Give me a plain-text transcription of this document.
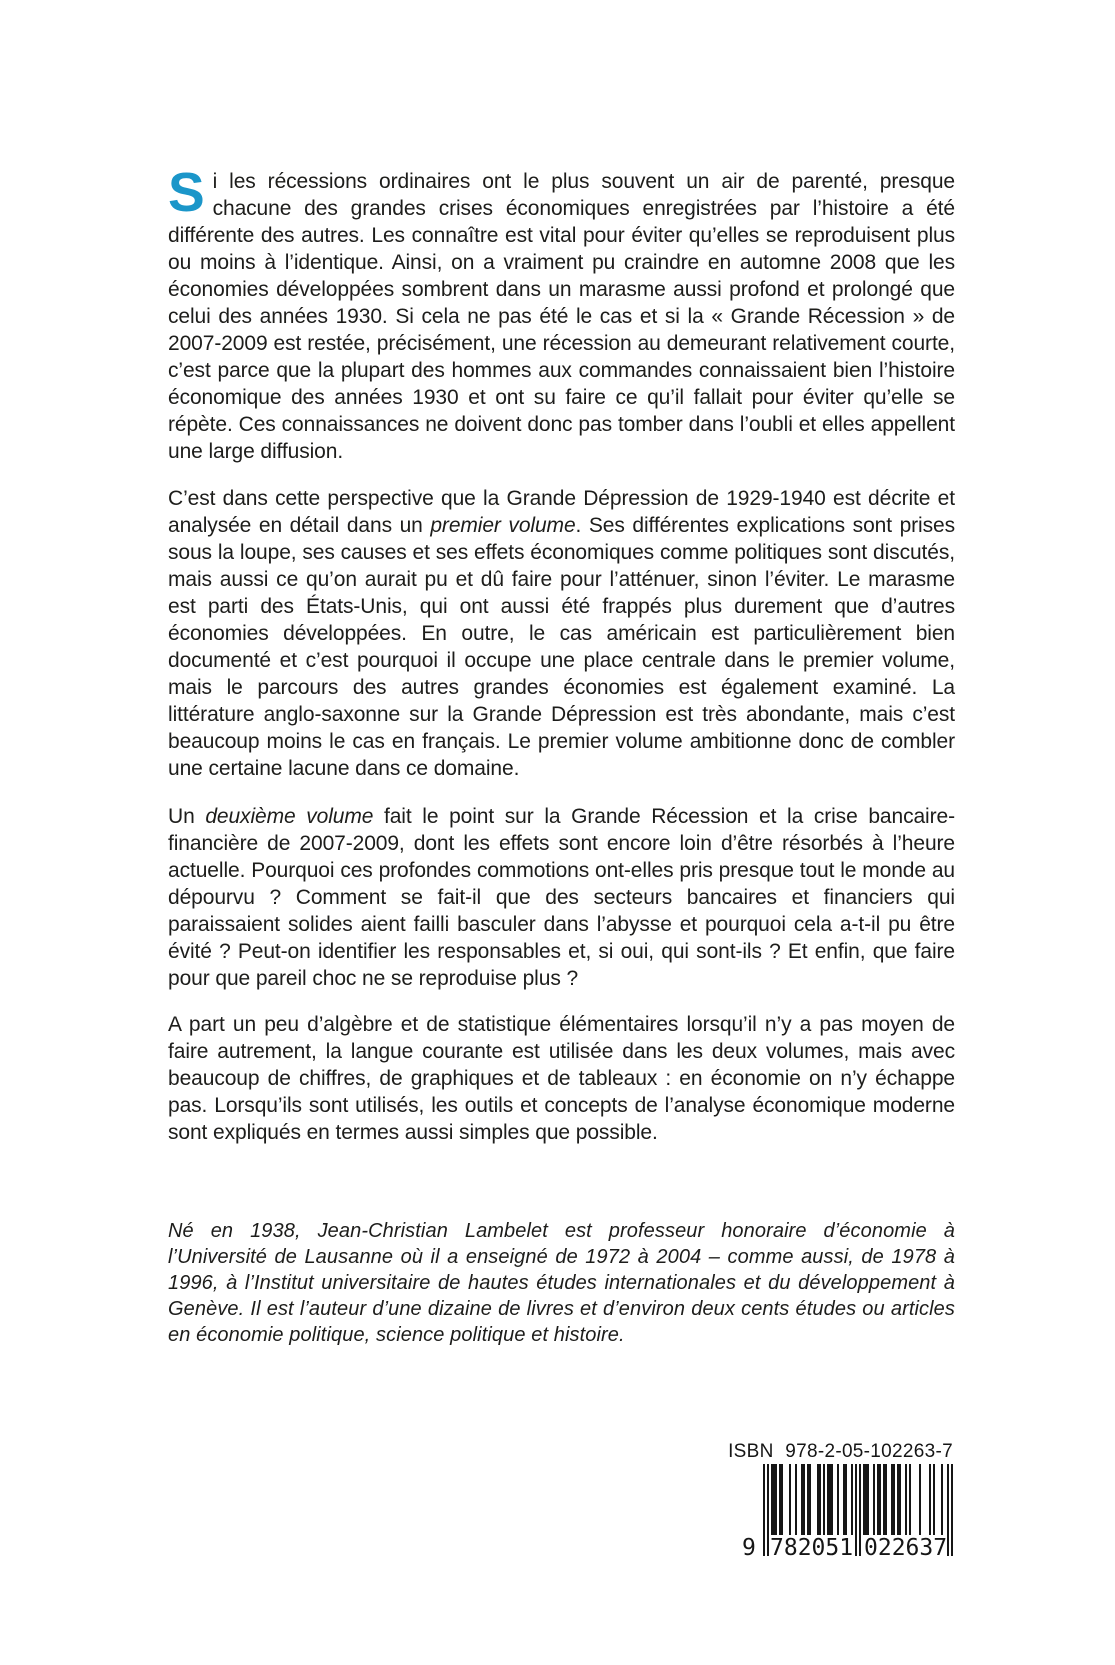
Si les récessions ordinaires ont le plus souvent un air de parenté, presque chacune des grandes crises économiques enregistrées par l’histoire a été différente des autres. Les connaître est vital pour éviter qu’elles se reproduisent plus ou moins à l’identique. Ainsi, on a vraiment pu craindre en automne 2008 que les économies développées sombrent dans un marasme aussi profond et prolongé que celui des années 1930. Si cela ne pas été le cas et si la « Grande Récession » de 2007-2009 est restée, précisément, une récession au demeurant relativement courte, c’est parce que la plupart des hommes aux commandes connaissaient bien l’histoire économique des années 1930 et ont su faire ce qu’il fallait pour éviter qu’elle se répète. Ces connaissances ne doivent donc pas tomber dans l’oubli et elles appellent une large diffusion.

C’est dans cette perspective que la Grande Dépression de 1929-1940 est décrite et analysée en détail dans un premier volume. Ses différentes explications sont prises sous la loupe, ses causes et ses effets économiques comme politiques sont discutés, mais aussi ce qu’on aurait pu et dû faire pour l’atténuer, sinon l’éviter. Le marasme est parti des États-Unis, qui ont aussi été frappés plus durement que d’autres économies développées. En outre, le cas américain est particulièrement bien documenté et c’est pourquoi il occupe une place centrale dans le premier volume, mais le parcours des autres grandes économies est également examiné. La littérature anglo-saxonne sur la Grande Dépression est très abondante, mais c’est beaucoup moins le cas en français. Le premier volume ambitionne donc de combler une certaine lacune dans ce domaine.

Un deuxième volume fait le point sur la Grande Récession et la crise bancaire-financière de 2007-2009, dont les effets sont encore loin d’être résorbés à l’heure actuelle. Pourquoi ces profondes commotions ont-elles pris presque tout le monde au dépourvu ? Comment se fait-il que des secteurs bancaires et financiers qui paraissaient solides aient failli basculer dans l’abysse et pourquoi cela a-t-il pu être évité ? Peut-on identifier les responsables et, si oui, qui sont-ils ? Et enfin, que faire pour que pareil choc ne se reproduise plus ?

A part un peu d’algèbre et de statistique élémentaires lorsqu’il n’y a pas moyen de faire autrement, la langue courante est utilisée dans les deux volumes, mais avec beaucoup de chiffres, de graphiques et de tableaux : en économie on n’y échappe pas. Lorsqu’ils sont utilisés, les outils et concepts de l’analyse économique moderne sont expliqués en termes aussi simples que possible.

Né en 1938, Jean-Christian Lambelet est professeur honoraire d’économie à l’Université de Lausanne où il a enseigné de 1972 à 2004 – comme aussi, de 1978 à 1996, à l’Institut universitaire de hautes études internationales et du développement à Genève. Il est l’auteur d’une dizaine de livres et d’environ deux cents études ou articles en économie politique, science politique et histoire.

ISBN 978-2-05-102263-7
9 782051 022637
